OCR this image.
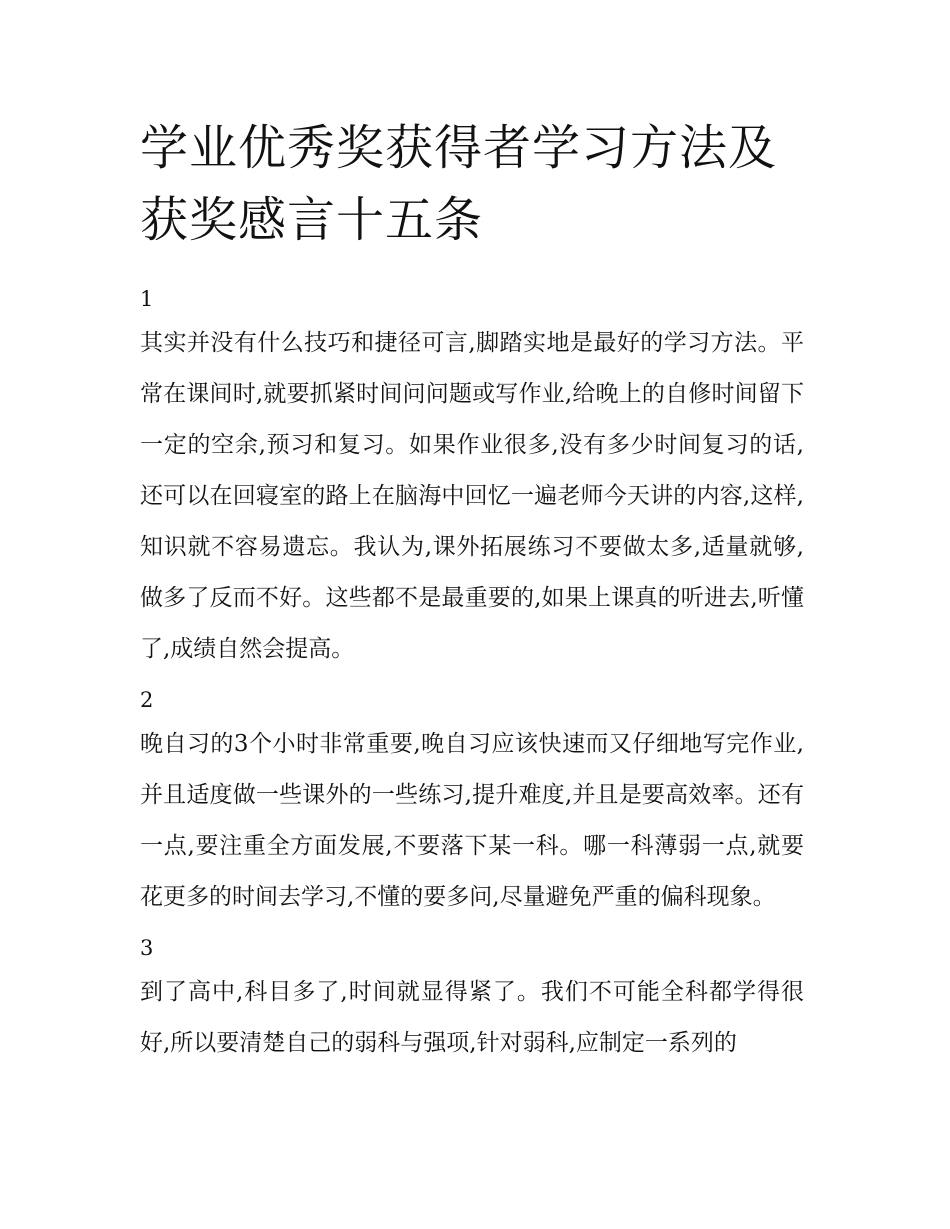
学业优秀奖获得者学习方法及获奖感言十五条

1

其实并没有什么技巧和捷径可言,脚踏实地是最好的学习方法。平常在课间时,就要抓紧时间问问题或写作业,给晚上的自修时间留下一定的空余,预习和复习。如果作业很多,没有多少时间复习的话,还可以在回寝室的路上在脑海中回忆一遍老师今天讲的内容,这样,知识就不容易遗忘。我认为,课外拓展练习不要做太多,适量就够,做多了反而不好。这些都不是最重要的,如果上课真的听进去,听懂了,成绩自然会提高。

2

晚自习的3个小时非常重要,晚自习应该快速而又仔细地写完作业,并且适度做一些课外的一些练习,提升难度,并且是要高效率。还有一点,要注重全方面发展,不要落下某一科。哪一科薄弱一点,就要花更多的时间去学习,不懂的要多问,尽量避免严重的偏科现象。

3

到了高中,科目多了,时间就显得紧了。我们不可能全科都学得很好,所以要清楚自己的弱科与强项,针对弱科,应制定一系列的
